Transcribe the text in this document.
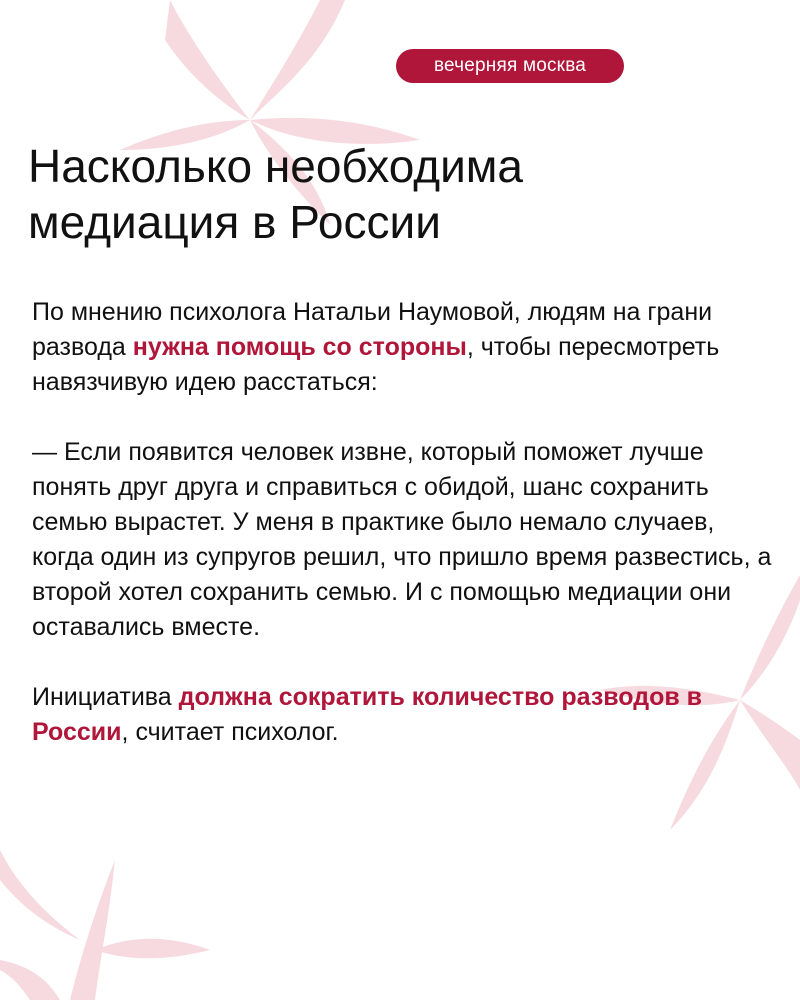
вечерняя москва
Насколько необходима
медиация в России

По мнению психолога Натальи Наумовой, людям на грани развода нужна помощь со стороны, чтобы пересмотреть навязчивую идею расстаться:

— Если появится человек извне, который поможет лучше понять друг друга и справиться с обидой, шанс сохранить семью вырастет. У меня в практике было немало случаев, когда один из супругов решил, что пришло время развестись, а второй хотел сохранить семью. И с помощью медиации они оставались вместе.

Инициатива должна сократить количество разводов в России, считает психолог.
